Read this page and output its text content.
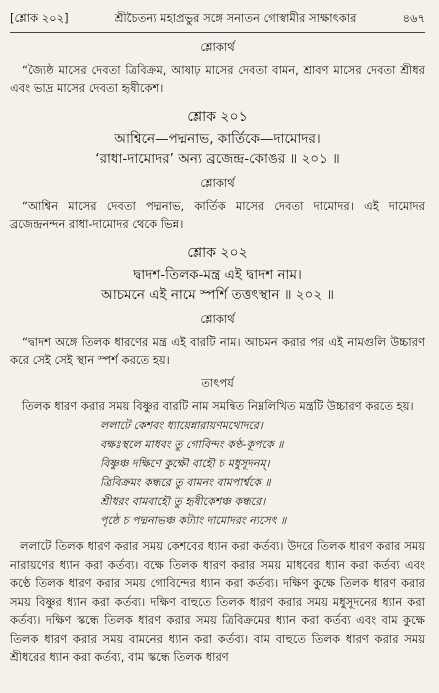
[শ্লোক ২০২]	শ্রীচৈতন্য মহাপ্রভুর সঙ্গে সনাতন গোস্বামীর সাক্ষাৎকার	৪৬৭
শ্লোকার্থ
“জ্যৈষ্ঠ মাসের দেবতা ত্রিবিক্রম, আষাঢ় মাসের দেবতা বামন, শ্রাবণ মাসের দেবতা শ্রীধর এবং ভাদ্র মাসের দেবতা হৃষীকেশ।
শ্লোক ২০১
আশ্বিনে—পদ্মনাভ, কার্তিকে—দামোদর।
‘রাধা-দামোদর’ অন্য ব্রজেন্দ্র-কোঙর ॥ ২০১ ॥
শ্লোকার্থ
“আশ্বিন মাসের দেবতা পদ্মনাভ, কার্তিক মাসের দেবতা দামোদর। এই দামোদর ব্রজেন্দ্রনন্দন রাধা-দামোদর থেকে ভিন্ন।
শ্লোক ২০২
দ্বাদশ-তিলক-মন্ত্র এই দ্বাদশ নাম।
আচমনে এই নামে স্পর্শি তত্তৎস্থান ॥ ২০২ ॥
শ্লোকার্থ
“দ্বাদশ অঙ্গে তিলক ধারণের মন্ত্র এই বারটি নাম। আচমন করার পর এই নামগুলি উচ্চারণ করে সেই সেই স্থান স্পর্শ করতে হয়।
তাৎপর্য
তিলক ধারণ করার সময় বিষ্ণুর বারটি নাম সমন্বিত নিম্নলিখিত মন্ত্রটি উচ্চারণ করতে হয়।
ললাটে কেশবং ধ্যায়েন্নারায়ণমথোদরে।
বক্ষঃস্থলে মাধবং তু গোবিন্দং কণ্ঠ-কূপকে ॥
বিষ্ণুঞ্চ দক্ষিণে কুক্ষৌ বাহৌ চ মধুসূদনম্।
ত্রিবিক্রমং কন্ধরে তু বামনং বামপার্শ্বকে ॥
শ্রীধরং বামবাহৌ তু হৃষীকেশঞ্চ কন্ধরে।
পৃষ্ঠে চ পদ্মনাভঞ্চ কট্যাং দামোদরং ন্যসেৎ ॥
ললাটে তিলক ধারণ করার সময় কেশবের ধ্যান করা কর্তব্য। উদরে তিলক ধারণ করার সময় নারায়ণের ধ্যান করা কর্তব্য। বক্ষে তিলক ধারণ করার সময় মাধবের ধ্যান করা কর্তব্য এবং কণ্ঠে তিলক ধারণ করার সময় গোবিন্দের ধ্যান করা কর্তব্য। দক্ষিণ কুক্ষে তিলক ধারণ করার সময় বিষ্ণুর ধ্যান করা কর্তব্য। দক্ষিণ বাহুতে তিলক ধারণ করার সময় মধুসূদনের ধ্যান করা কর্তব্য। দক্ষিণ স্কন্ধে তিলক ধারণ করার সময় ত্রিবিক্রমের ধ্যান করা কর্তব্য এবং বাম কুক্ষে তিলক ধারণ করার সময় বামনের ধ্যান করা কর্তব্য। বাম বাহুতে তিলক ধারণ করার সময় শ্রীধরের ধ্যান করা কর্তব্য, বাম স্কন্ধে তিলক ধারণ
